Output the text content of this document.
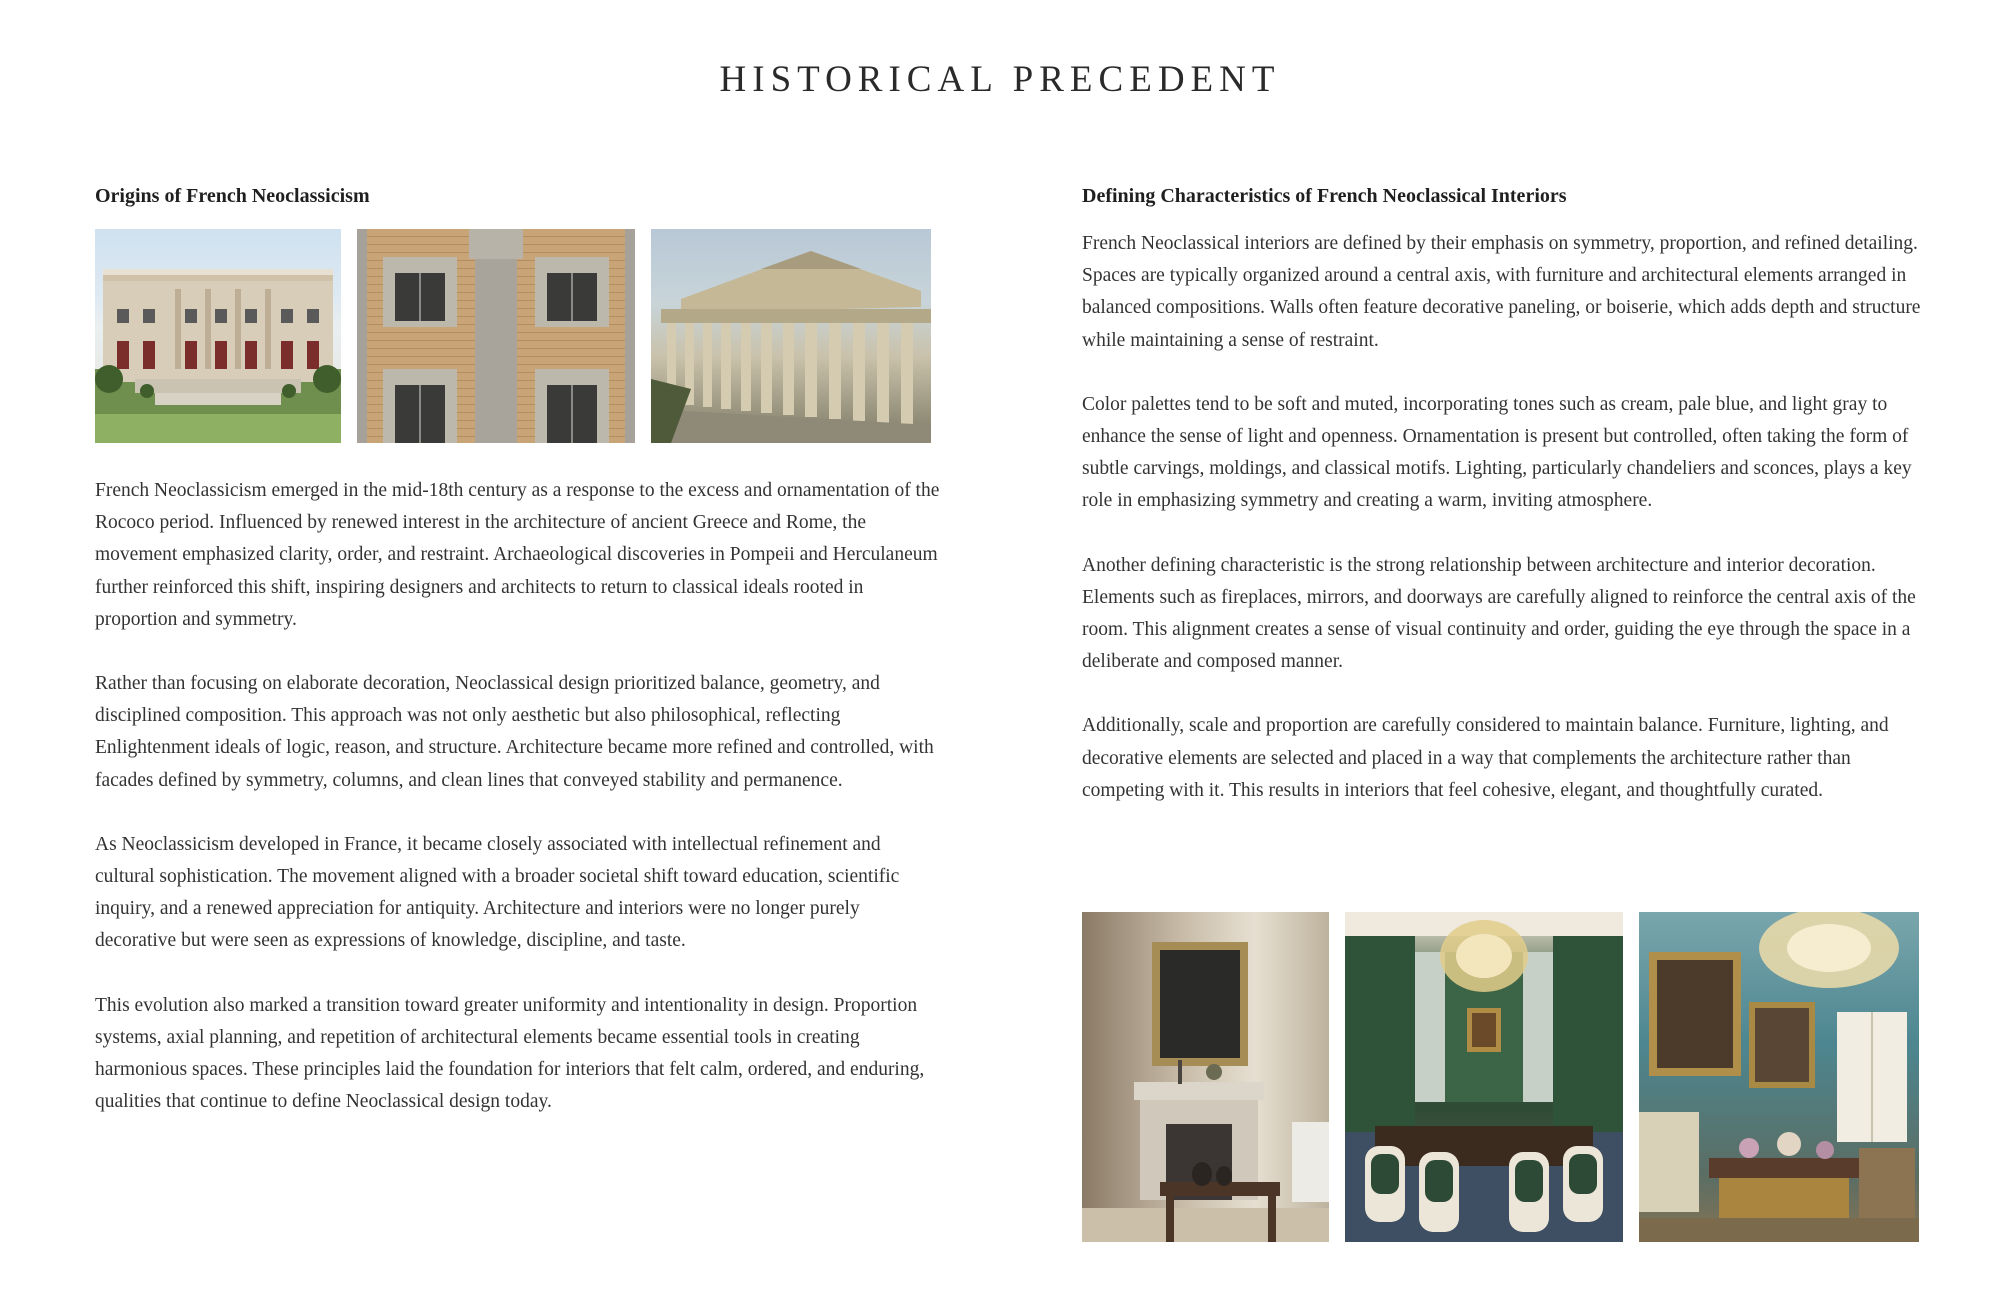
HISTORICAL PRECEDENT
Origins of French Neoclassicism

French Neoclassicism emerged in the mid-18th century as a response to the excess and ornamentation of the Rococo period. Influenced by renewed interest in the architecture of ancient Greece and Rome, the movement emphasized clarity, order, and restraint. Archaeological discoveries in Pompeii and Herculaneum further reinforced this shift, inspiring designers and architects to return to classical ideals rooted in proportion and symmetry.

Rather than focusing on elaborate decoration, Neoclassical design prioritized balance, geometry, and disciplined composition. This approach was not only aesthetic but also philosophical, reflecting Enlightenment ideals of logic, reason, and structure. Architecture became more refined and controlled, with facades defined by symmetry, columns, and clean lines that conveyed stability and permanence.

As Neoclassicism developed in France, it became closely associated with intellectual refinement and cultural sophistication. The movement aligned with a broader societal shift toward education, scientific inquiry, and a renewed appreciation for antiquity. Architecture and interiors were no longer purely decorative but were seen as expressions of knowledge, discipline, and taste.

This evolution also marked a transition toward greater uniformity and intentionality in design. Proportion systems, axial planning, and repetition of architectural elements became essential tools in creating harmonious spaces. These principles laid the foundation for interiors that felt calm, ordered, and enduring, qualities that continue to define Neoclassical design today.

Defining Characteristics of French Neoclassical Interiors

French Neoclassical interiors are defined by their emphasis on symmetry, proportion, and refined detailing. Spaces are typically organized around a central axis, with furniture and architectural elements arranged in balanced compositions. Walls often feature decorative paneling, or boiserie, which adds depth and structure while maintaining a sense of restraint.

Color palettes tend to be soft and muted, incorporating tones such as cream, pale blue, and light gray to enhance the sense of light and openness. Ornamentation is present but controlled, often taking the form of subtle carvings, moldings, and classical motifs. Lighting, particularly chandeliers and sconces, plays a key role in emphasizing symmetry and creating a warm, inviting atmosphere.

Another defining characteristic is the strong relationship between architecture and interior decoration. Elements such as fireplaces, mirrors, and doorways are carefully aligned to reinforce the central axis of the room. This alignment creates a sense of visual continuity and order, guiding the eye through the space in a deliberate and composed manner.

Additionally, scale and proportion are carefully considered to maintain balance. Furniture, lighting, and decorative elements are selected and placed in a way that complements the architecture rather than competing with it. This results in interiors that feel cohesive, elegant, and thoughtfully curated.
